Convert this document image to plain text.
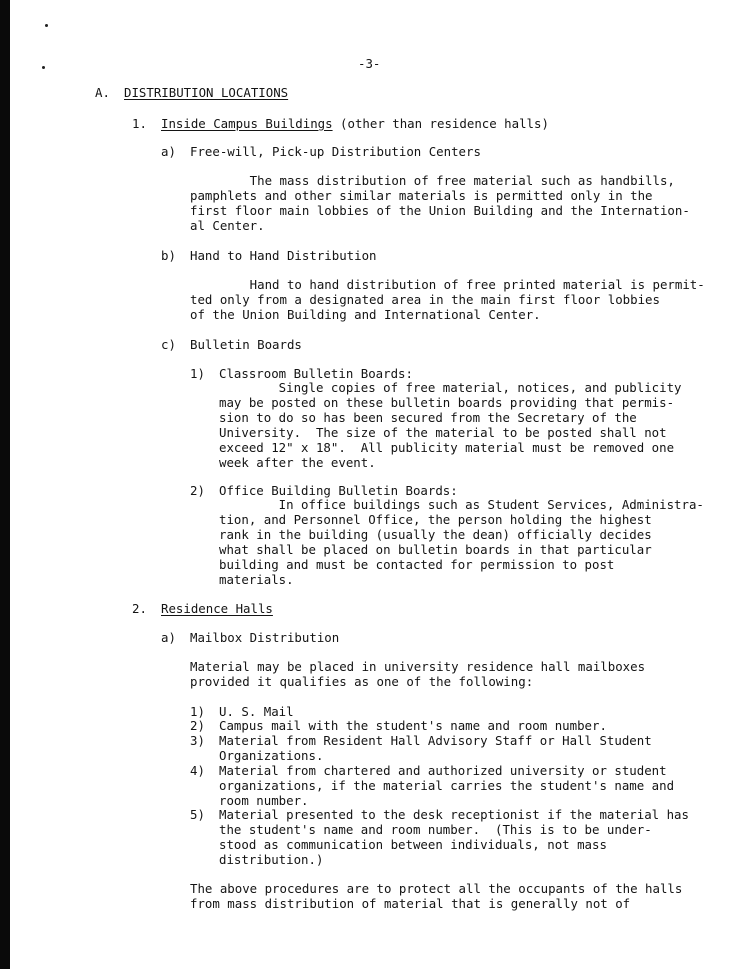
-3-
A. DISTRIBUTION LOCATIONS
1. Inside Campus Buildings (other than residence halls)
a) Free-will, Pick-up Distribution Centers
The mass distribution of free material such as handbills,
pamphlets and other similar materials is permitted only in the
first floor main lobbies of the Union Building and the Internation-
al Center.
b) Hand to Hand Distribution
Hand to hand distribution of free printed material is permit-
ted only from a designated area in the main first floor lobbies
of the Union Building and International Center.
c) Bulletin Boards
1) Classroom Bulletin Boards:
Single copies of free material, notices, and publicity
may be posted on these bulletin boards providing that permis-
sion to do so has been secured from the Secretary of the
University.  The size of the material to be posted shall not
exceed 12" x 18".  All publicity material must be removed one
week after the event.
2) Office Building Bulletin Boards:
In office buildings such as Student Services, Administra-
tion, and Personnel Office, the person holding the highest
rank in the building (usually the dean) officially decides
what shall be placed on bulletin boards in that particular
building and must be contacted for permission to post
materials.
2. Residence Halls
a) Mailbox Distribution
Material may be placed in university residence hall mailboxes
provided it qualifies as one of the following:
1) U. S. Mail
2) Campus mail with the student's name and room number.
3) Material from Resident Hall Advisory Staff or Hall Student
Organizations.
4) Material from chartered and authorized university or student
organizations, if the material carries the student's name and
room number.
5) Material presented to the desk receptionist if the material has
the student's name and room number.  (This is to be under-
stood as communication between individuals, not mass
distribution.)
The above procedures are to protect all the occupants of the halls
from mass distribution of material that is generally not of
